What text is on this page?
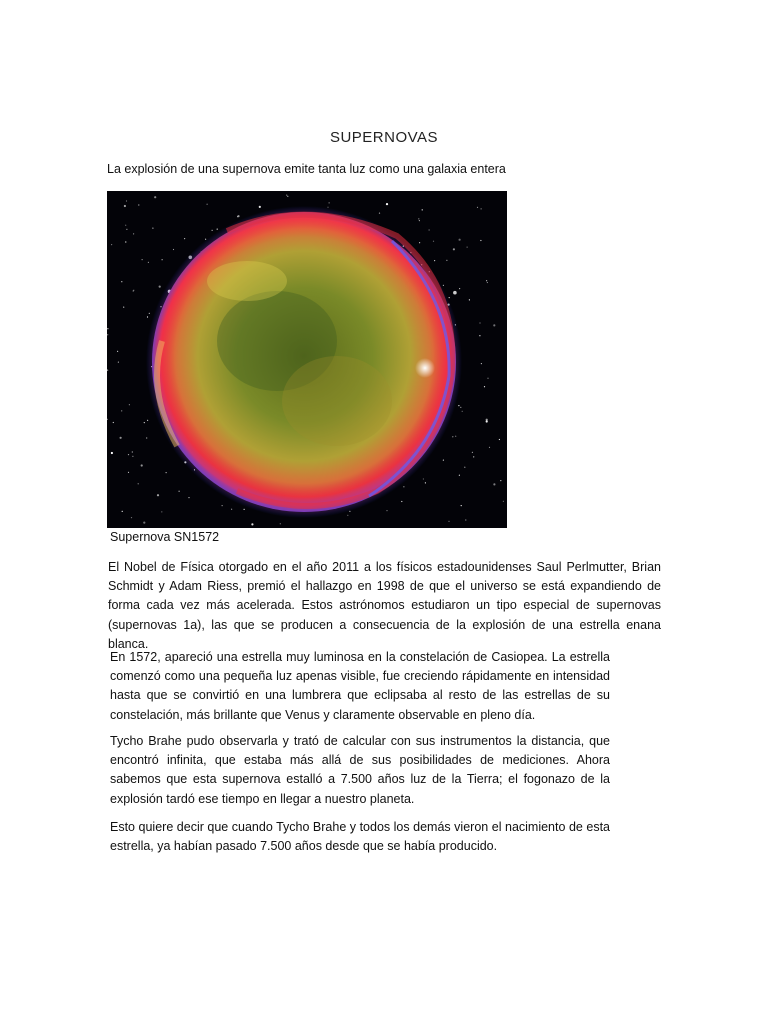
SUPERNOVAS
La explosión de una supernova emite tanta luz como una galaxia entera
Supernova SN1572

El Nobel de Física otorgado en el año 2011 a los físicos estadounidenses Saul Perlmutter, Brian Schmidt y Adam Riess, premió el hallazgo en 1998 de que el universo se está expandiendo de forma cada vez más acelerada. Estos astrónomos estudiaron un tipo especial de supernovas (supernovas 1a), las que se producen a consecuencia de la explosión de una estrella enana blanca.

En 1572, apareció una estrella muy luminosa en la constelación de Casiopea. La estrella comenzó como una pequeña luz apenas visible, fue creciendo rápidamente en intensidad hasta que se convirtió en una lumbrera que eclipsaba al resto de las estrellas de su constelación, más brillante que Venus y claramente observable en pleno día.

Tycho Brahe pudo observarla y trató de calcular con sus instrumentos la distancia, que encontró infinita, que estaba más allá de sus posibilidades de mediciones. Ahora sabemos que esta supernova estalló a 7.500 años luz de la Tierra; el fogonazo de la explosión tardó ese tiempo en llegar a nuestro planeta.

Esto quiere decir que cuando Tycho Brahe y todos los demás vieron el nacimiento de esta estrella, ya habían pasado 7.500 años desde que se había producido.
